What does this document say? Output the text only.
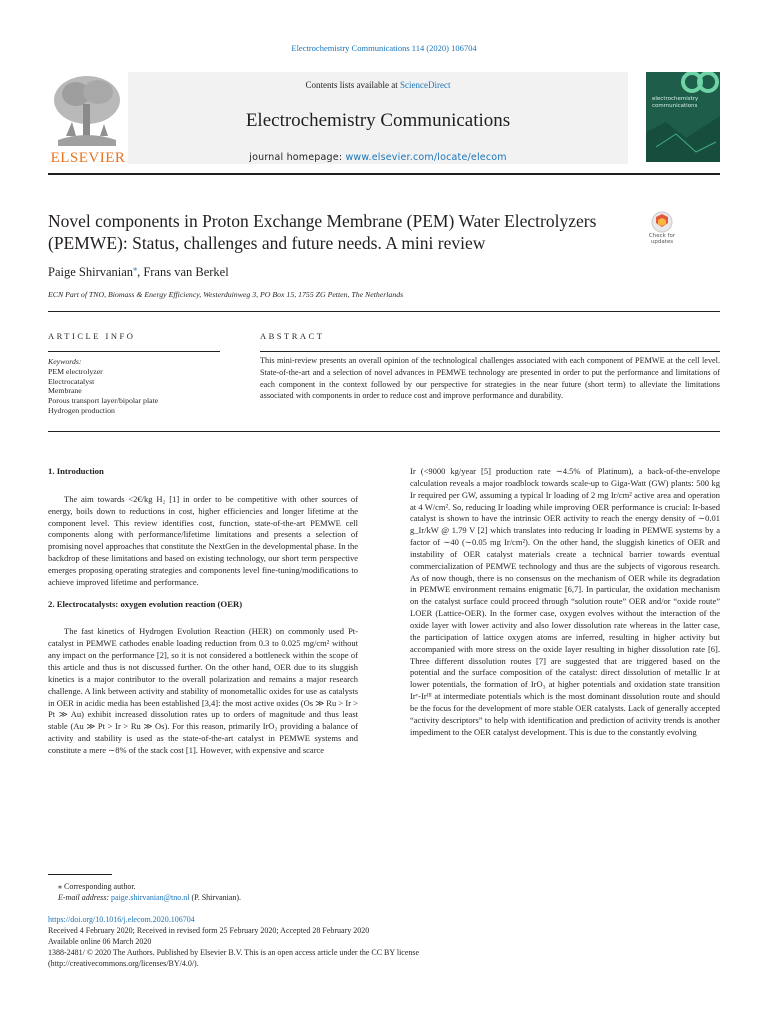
Electrochemistry Communications 114 (2020) 106704
ELSEVIER
Contents lists available at ScienceDirect
Electrochemistry Communications
journal homepage: www.elsevier.com/locate/elecom
electrochemistry
communications
Novel components in Proton Exchange Membrane (PEM) Water Electrolyzers (PEMWE): Status, challenges and future needs. A mini review	Check for updates
Paige Shirvanian⁎, Frans van Berkel
ECN Part of TNO, Biomass & Energy Efficiency, Westerduinweg 3, PO Box 15, 1755 ZG Petten, The Netherlands
ARTICLE INFO	ABSTRACT
Keywords:
PEM electrolyzer
Electrocatalyst
Membrane
Porous transport layer/bipolar plate
Hydrogen production
This mini-review presents an overall opinion of the technological challenges associated with each component of PEMWE at the cell level. State-of-the-art and a selection of novel advances in PEMWE technology are presented in order to put the performance and limitations of each component in the context followed by our perspective for strategies in the near future (short term) to alleviate the limitations associated with components in order to reduce cost and improve performance and durability.
1. Introduction

The aim towards <2€/kg H₂ [1] in order to be competitive with other sources of energy, boils down to reductions in cost, higher efficiencies and longer lifetime at the component level. This review identifies cost, function, state-of-the-art PEMWE cell components along with performance/lifetime limitations and presents a selection of promising novel approaches that constitute the NextGen in the developmental phase. In the backdrop of these limitations and based on existing technology, our short term perspective emerges proposing operating strategies and components level fine-tuning/modifications to achieve improved lifetime and performance.

2. Electrocatalysts: oxygen evolution reaction (OER)

The fast kinetics of Hydrogen Evolution Reaction (HER) on commonly used Pt-catalyst in PEMWE cathodes enable loading reduction from 0.3 to 0.025 mg/cm² without any impact on the performance [2], so it is not considered a bottleneck within the scope of this article and thus is not discussed further. On the other hand, OER due to its sluggish kinetics is a major contributor to the overall polarization and remains a major research challenge. A link between activity and stability of monometallic oxides for use as catalysts in OER in acidic media has been established [3,4]: the most active oxides (Os ≫ Ru > Ir > Pt ≫ Au) exhibit increased dissolution rates up to orders of magnitude and thus least stable (Au ≫ Pt > Ir > Ru ≫ Os). For this reason, primarily IrO₂ providing a balance of activity and stability is used as the state-of-the-art catalyst in PEMWE systems and constitute a mere ∼8% of the stack cost [1]. However, with expensive and scarce

Ir (<9000 kg/year [5] production rate ∼4.5% of Platinum), a back-of-the-envelope calculation reveals a major roadblock towards scale-up to Giga-Watt (GW) plants: 500 kg Ir required per GW, assuming a typical Ir loading of 2 mg Ir/cm² active area and operation at 4 W/cm². So, reducing Ir loading while improving OER performance is crucial: Ir-based catalyst is shown to have the intrinsic OER activity to reach the energy density of ∼0.01 g_Ir/kW @ 1.79 V [2] which translates into reducing Ir loading in PEMWE systems by a factor of ∼40 (∼0.05 mg Ir/cm²). On the other hand, the sluggish kinetics of OER and instability of OER catalyst materials create a technical barrier towards eventual commercialization of PEMWE technology and thus are the subjects of vigorous research. As of now though, there is no consensus on the mechanism of OER while its degradation in PEMWE environment remains enigmatic [6,7]. In particular, the oxidation mechanism on the catalyst surface could proceed through “solution route” OER and/or “oxide route” LOER (Lattice-OER). In the former case, oxygen evolves without the interaction of the oxide layer with lower activity and also lower dissolution rate whereas in the latter case, the participation of lattice oxygen atoms are inferred, resulting in higher activity but accompanied with more stress on the oxide layer resulting in higher dissolution rate [6]. Three different dissolution routes [7] are suggested that are triggered based on the potential and the surface composition of the catalyst: direct dissolution of metallic Ir at lower potentials, the formation of IrO₃ at higher potentials and oxidation state transition Irᵛ-Irᴵᴵᴵ at intermediate potentials which is the most dominant dissolution route and should be the focus for the development of more stable OER catalysts. Lack of generally accepted “activity descriptors” to help with identification and prediction of activity trends is another impediment to the OER catalyst development. This is due to the constantly evolving

⁎ Corresponding author.
E-mail address: paige.shirvanian@tno.nl (P. Shirvanian).
https://doi.org/10.1016/j.elecom.2020.106704
Received 4 February 2020; Received in revised form 25 February 2020; Accepted 28 February 2020
Available online 06 March 2020
1388-2481/ © 2020 The Authors. Published by Elsevier B.V. This is an open access article under the CC BY license
(http://creativecommons.org/licenses/BY/4.0/).
